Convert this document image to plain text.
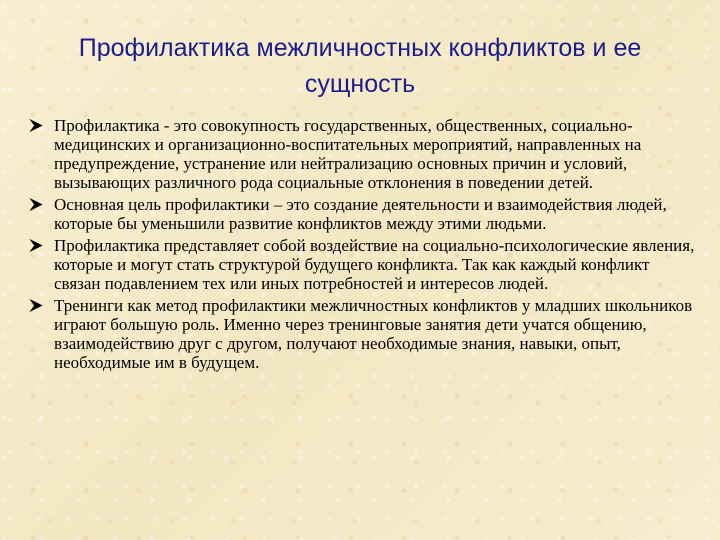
Профилактика межличностных конфликтов и ее сущность
Профилактика - это совокупность государственных, общественных, социально-медицинских и организационно-воспитательных мероприятий, направленных на предупреждение, устранение или нейтрализацию основных причин и условий, вызывающих различного рода социальные отклонения в поведении детей.
Основная цель профилактики – это создание деятельности и взаимодействия людей, которые бы уменьшили развитие конфликтов между этими людьми.
Профилактика представляет собой воздействие на социально-психологические явления, которые и могут стать структурой будущего конфликта. Так как каждый конфликт связан подавлением тех или иных потребностей и интересов людей.
Тренинги как метод профилактики межличностных конфликтов у младших школьников играют большую роль. Именно через тренинговые занятия дети учатся общению, взаимодействию друг с другом, получают необходимые знания, навыки, опыт, необходимые им в будущем.
